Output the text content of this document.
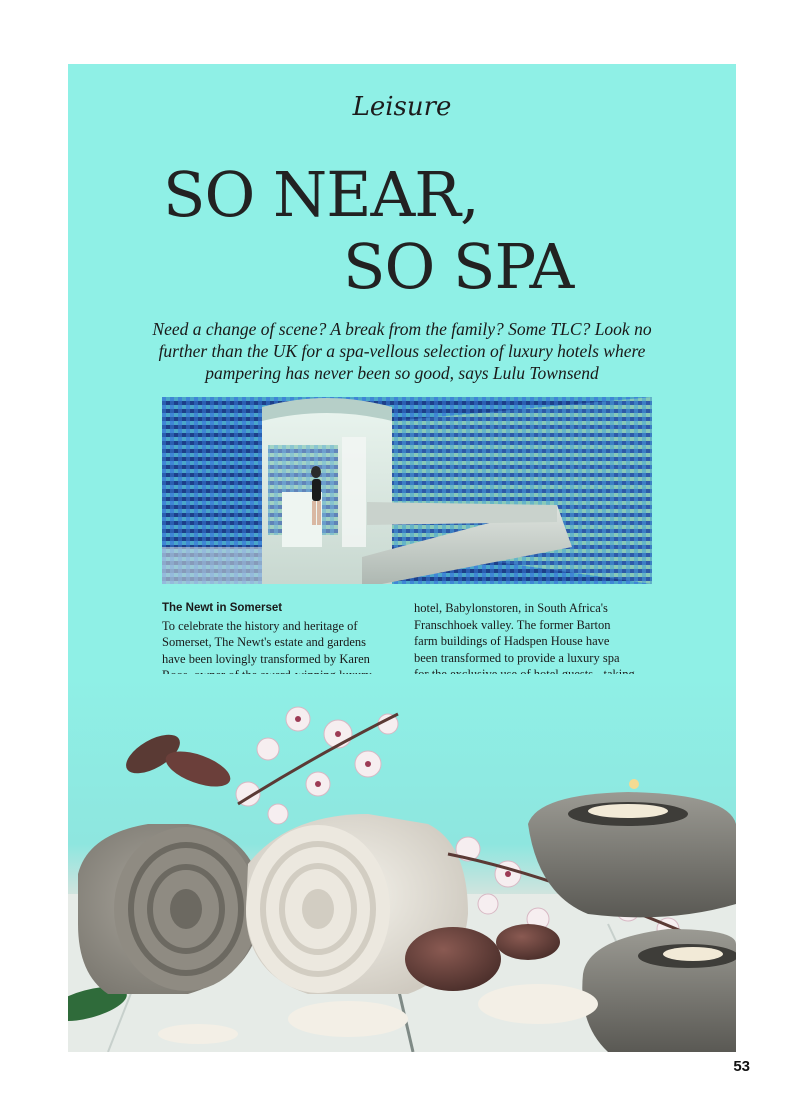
Leisure
SO NEAR,
SO SPA
Need a change of scene? A break from the family? Some TLC? Look no further than the UK for a spa-vellous selection of luxury hotels where pampering has never been so good, says Lulu Townsend
The Newt in Somerset
To celebrate the history and heritage of Somerset, The Newt's estate and gardens have been lovingly transformed by Karen
hotel, Babylonstoren, in South Africa's Franschhoek valley. The former Barton farm buildings of Hadspen House have been transformed to provide a luxury spa
53
